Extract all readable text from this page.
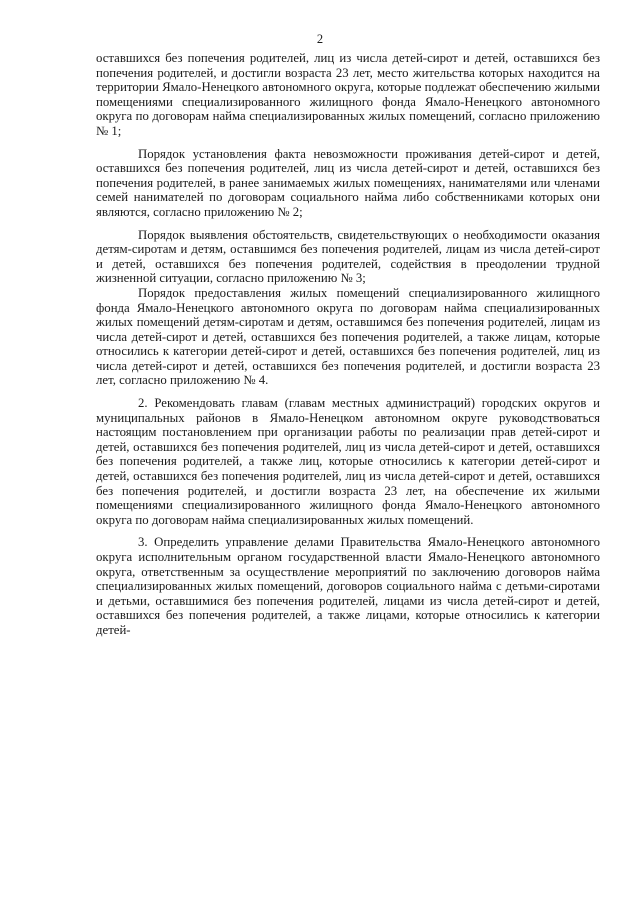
2

оставшихся без попечения родителей, лиц из числа детей-сирот и детей, оставшихся без попечения родителей, и достигли возраста 23 лет, место жительства которых находится на территории Ямало-Ненецкого автономного округа, которые подлежат обеспечению жилыми помещениями специализированного жилищного фонда Ямало-Ненецкого автономного округа по договорам найма специализированных жилых помещений, согласно приложению № 1;

Порядок установления факта невозможности проживания детей-сирот и детей, оставшихся без попечения родителей, лиц из числа детей-сирот и детей, оставшихся без попечения родителей, в ранее занимаемых жилых помещениях, нанимателями или членами семей нанимателей по договорам социального найма либо собственниками которых они являются, согласно приложению № 2;

Порядок выявления обстоятельств, свидетельствующих о необходимости оказания детям-сиротам и детям, оставшимся без попечения родителей, лицам из числа детей-сирот и детей, оставшихся без попечения родителей, содействия в преодолении трудной жизненной ситуации, согласно приложению № 3;

Порядок предоставления жилых помещений специализированного жилищного фонда Ямало-Ненецкого автономного округа по договорам найма специализированных жилых помещений детям-сиротам и детям, оставшимся без попечения родителей, лицам из числа детей-сирот и детей, оставшихся без попечения родителей, а также лицам, которые относились к категории детей-сирот и детей, оставшихся без попечения родителей, лиц из числа детей-сирот и детей, оставшихся без попечения родителей, и достигли возраста 23 лет, согласно приложению № 4.

2. Рекомендовать главам (главам местных администраций) городских округов и муниципальных районов в Ямало-Ненецком автономном округе руководствоваться настоящим постановлением при организации работы по реализации прав детей-сирот и детей, оставшихся без попечения родителей, лиц из числа детей-сирот и детей, оставшихся без попечения родителей, а также лиц, которые относились к категории детей-сирот и детей, оставшихся без попечения родителей, лиц из числа детей-сирот и детей, оставшихся без попечения родителей, и достигли возраста 23 лет, на обеспечение их жилыми помещениями специализированного жилищного фонда Ямало-Ненецкого автономного округа по договорам найма специализированных жилых помещений.

3. Определить управление делами Правительства Ямало-Ненецкого автономного округа исполнительным органом государственной власти Ямало-Ненецкого автономного округа, ответственным за осуществление мероприятий по заключению договоров найма специализированных жилых помещений, договоров социального найма с детьми-сиротами и детьми, оставшимися без попечения родителей, лицами из числа детей-сирот и детей, оставшихся без попечения родителей, а также лицами, которые относились к категории детей-
